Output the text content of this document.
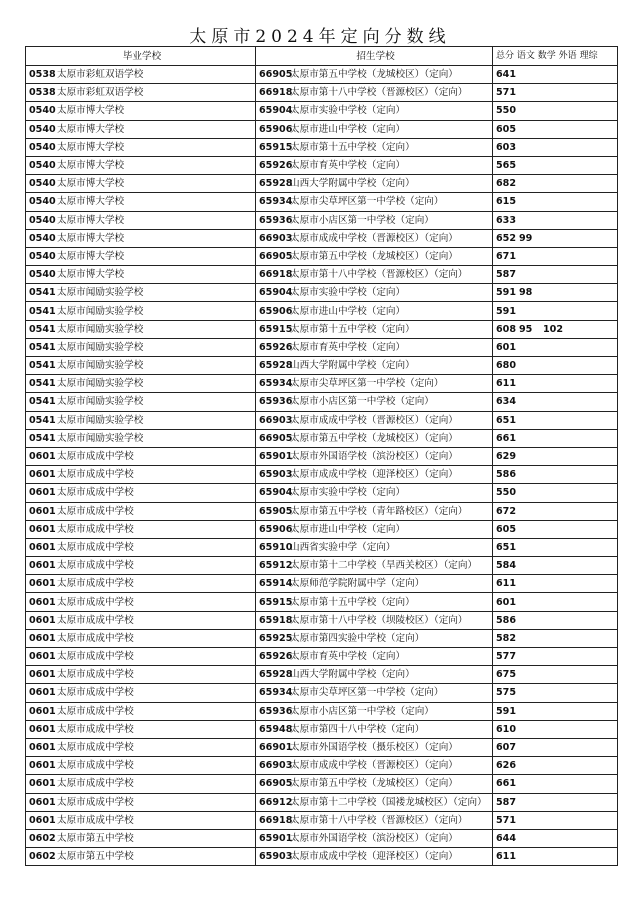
太原市2024年定向分数线
毕业学校	招生学校	总分 语文 数学 外语 理综
0538太原市彩虹双语学校	66905太原市第五中学校（龙城校区）（定向）	641
0538太原市彩虹双语学校	66918太原市第十八中学校（晋源校区）（定向）	571
0540太原市博大学校	65904太原市实验中学校（定向）	550
0540太原市博大学校	65906太原市进山中学校（定向）	605
0540太原市博大学校	65915太原市第十五中学校（定向）	603
0540太原市博大学校	65926太原市育英中学校（定向）	565
0540太原市博大学校	65928山西大学附属中学校（定向）	682
0540太原市博大学校	65934太原市尖草坪区第一中学校（定向）	615
0540太原市博大学校	65936太原市小店区第一中学校（定向）	633
0540太原市博大学校	66903太原市成成中学校（晋源校区）（定向）	652 99
0540太原市博大学校	66905太原市第五中学校（龙城校区）（定向）	671
0540太原市博大学校	66918太原市第十八中学校（晋源校区）（定向）	587
0541太原市闻励实验学校	65904太原市实验中学校（定向）	591 98
0541太原市闻励实验学校	65906太原市进山中学校（定向）	591
0541太原市闻励实验学校	65915太原市第十五中学校（定向）	608 95 102
0541太原市闻励实验学校	65926太原市育英中学校（定向）	601
0541太原市闻励实验学校	65928山西大学附属中学校（定向）	680
0541太原市闻励实验学校	65934太原市尖草坪区第一中学校（定向）	611
0541太原市闻励实验学校	65936太原市小店区第一中学校（定向）	634
0541太原市闻励实验学校	66903太原市成成中学校（晋源校区）（定向）	651
0541太原市闻励实验学校	66905太原市第五中学校（龙城校区）（定向）	661
0601太原市成成中学校	65901太原市外国语学校（滨汾校区）（定向）	629
0601太原市成成中学校	65903太原市成成中学校（迎泽校区）（定向）	586
0601太原市成成中学校	65904太原市实验中学校（定向）	550
0601太原市成成中学校	65905太原市第五中学校（青年路校区）（定向）	672
0601太原市成成中学校	65906太原市进山中学校（定向）	605
0601太原市成成中学校	65910山西省实验中学（定向）	651
0601太原市成成中学校	65912太原市第十二中学校（旱西关校区）（定向）	584
0601太原市成成中学校	65914太原师范学院附属中学（定向）	611
0601太原市成成中学校	65915太原市第十五中学校（定向）	601
0601太原市成成中学校	65918太原市第十八中学校（坝陵校区）（定向）	586
0601太原市成成中学校	65925太原市第四实验中学校（定向）	582
0601太原市成成中学校	65926太原市育英中学校（定向）	577
0601太原市成成中学校	65928山西大学附属中学校（定向）	675
0601太原市成成中学校	65934太原市尖草坪区第一中学校（定向）	575
0601太原市成成中学校	65936太原市小店区第一中学校（定向）	591
0601太原市成成中学校	65948太原市第四十八中学校（定向）	610
0601太原市成成中学校	66901太原市外国语学校（摄乐校区）（定向）	607
0601太原市成成中学校	66903太原市成成中学校（晋源校区）（定向）	626
0601太原市成成中学校	66905太原市第五中学校（龙城校区）（定向）	661
0601太原市成成中学校	66912太原市第十二中学校（国褛龙城校区）（定向）	587
0601太原市成成中学校	66918太原市第十八中学校（晋源校区）（定向）	571
0602太原市第五中学校	65901太原市外国语学校（滨汾校区）（定向）	644
0602太原市第五中学校	65903太原市成成中学校（迎泽校区）（定向）	611
